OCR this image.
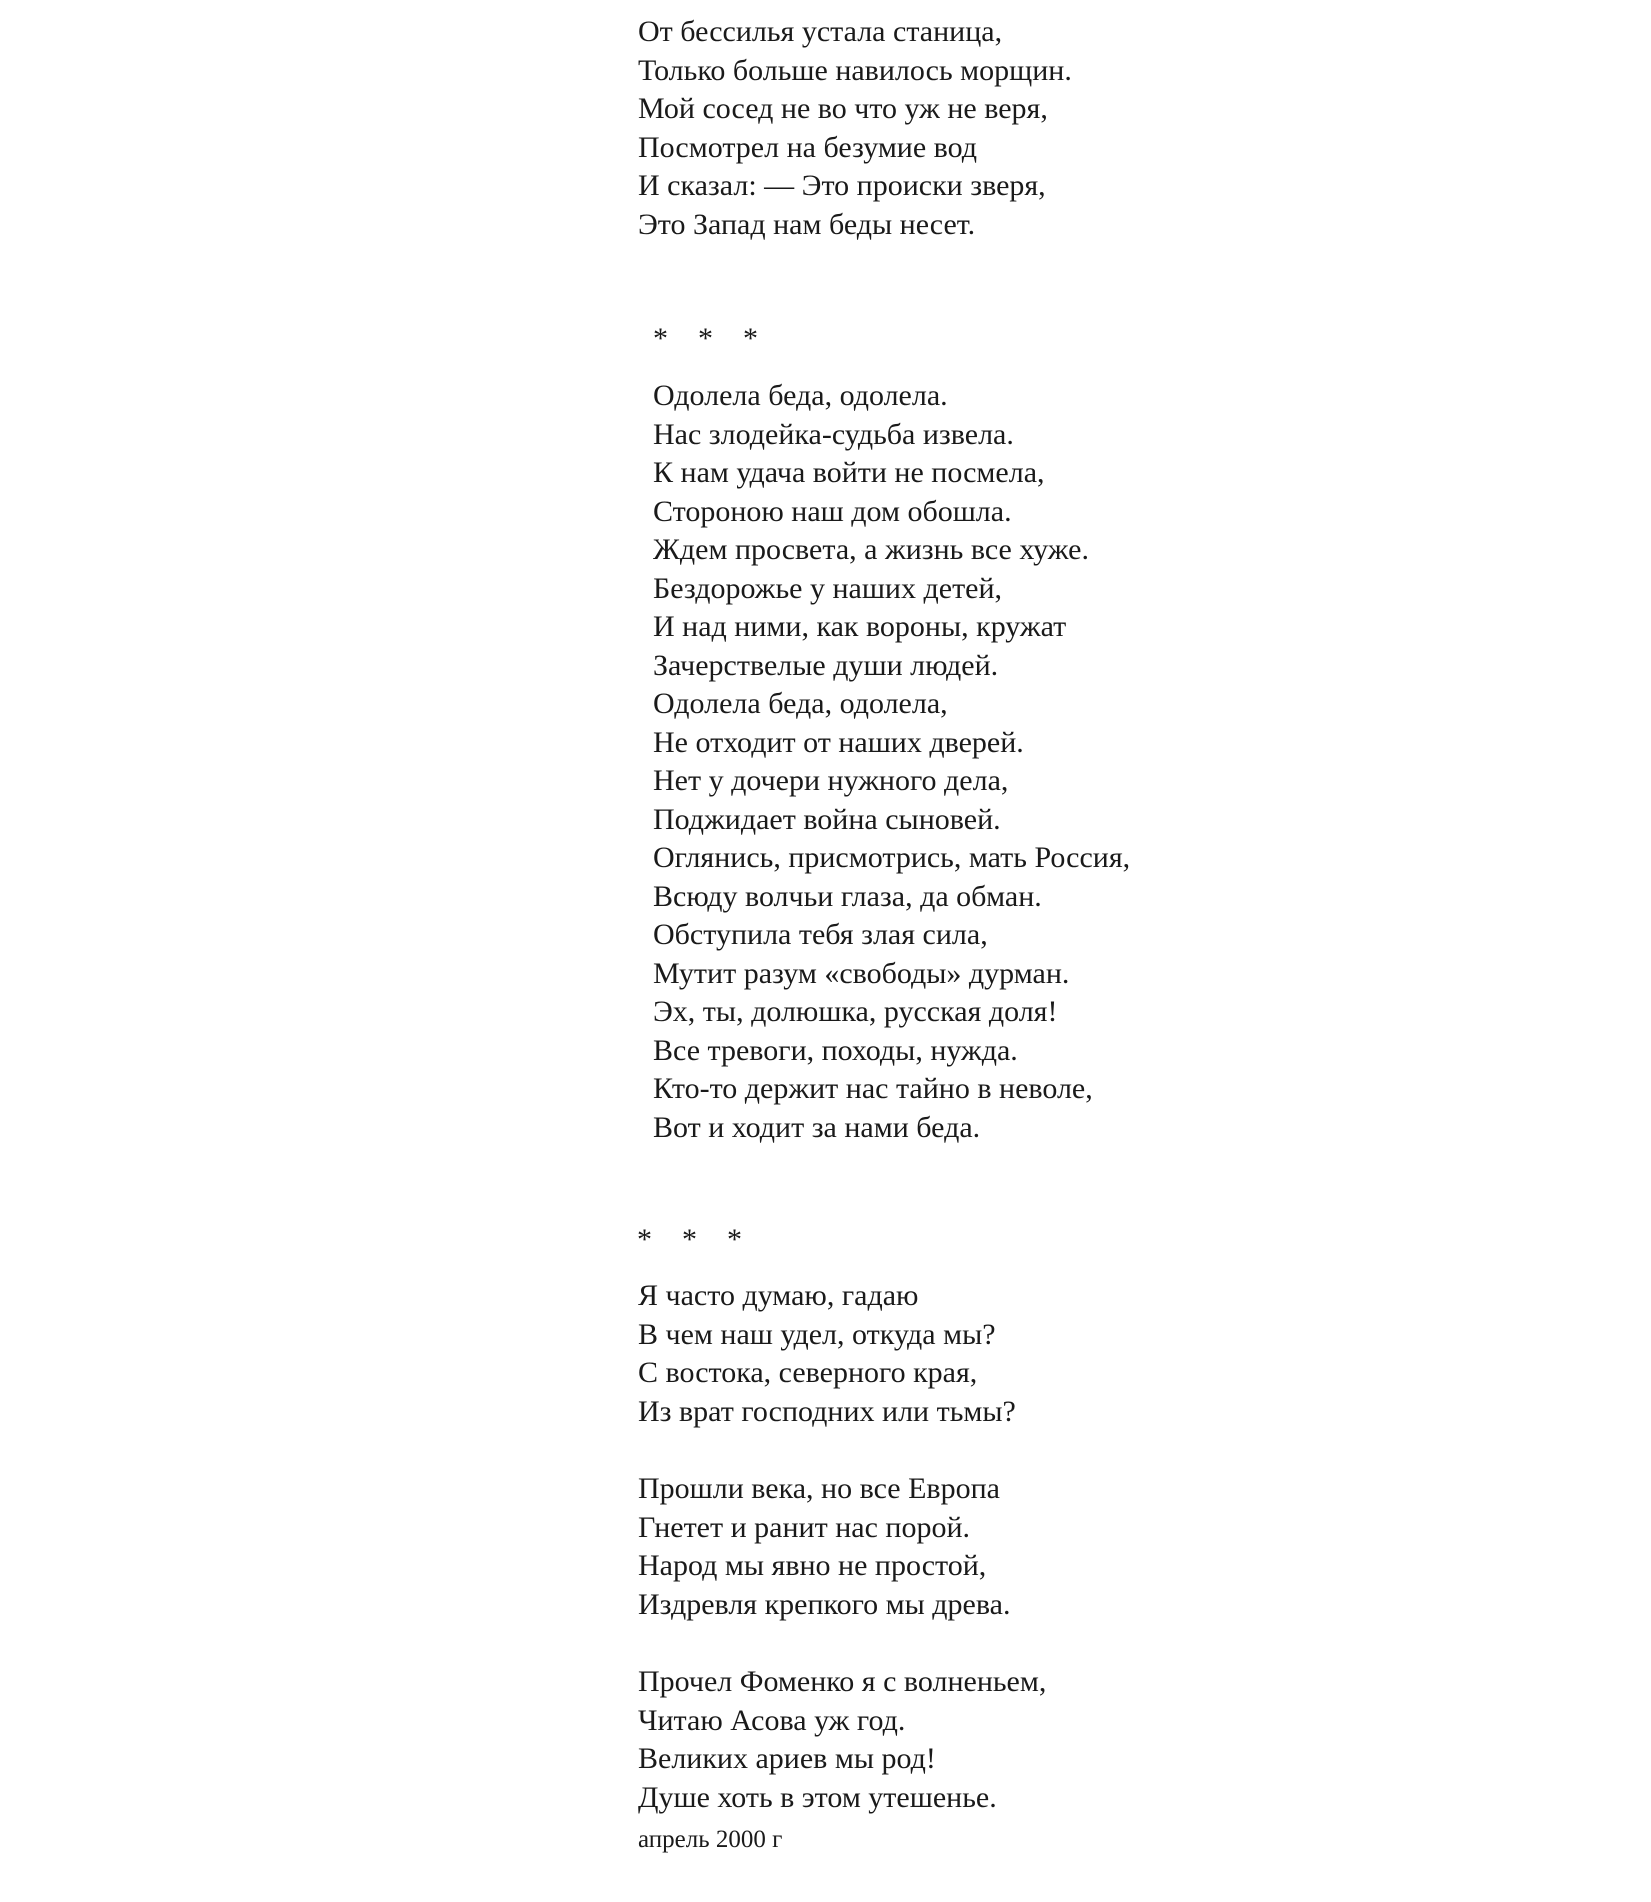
От бессилья устала станица,
Только больше навилось морщин.
Мой сосед не во что уж не веря,
Посмотрел на безумие вод
И сказал: — Это происки зверя,
Это Запад нам беды несет.
*    *    *
Одолела беда, одолела.
Нас злодейка-судьба извела.
К нам удача войти не посмела,
Стороною наш дом обошла.
Ждем просвета, а жизнь все хуже.
Бездорожье у наших детей,
И над ними, как вороны, кружат
Зачерствелые души людей.
Одолела беда, одолела,
Не отходит от наших дверей.
Нет у дочери нужного дела,
Поджидает война сыновей.
Оглянись, присмотрись, мать Россия,
Всюду волчьи глаза, да обман.
Обступила тебя злая сила,
Мутит разум «свободы» дурман.
Эх, ты, долюшка, русская доля!
Все тревоги, походы, нужда.
Кто-то держит нас тайно в неволе,
Вот и ходит за нами беда.
*    *    *
Я часто думаю, гадаю
В чем наш удел, откуда мы?
С востока, северного края,
Из врат господних или тьмы?
Прошли века, но все Европа
Гнетет и ранит нас порой.
Народ мы явно не простой,
Издревля крепкого мы древа.
Прочел Фоменко я с волненьем,
Читаю Асова уж год.
Великих ариев мы род!
Душе хоть в этом утешенье.
апрель 2000 г
